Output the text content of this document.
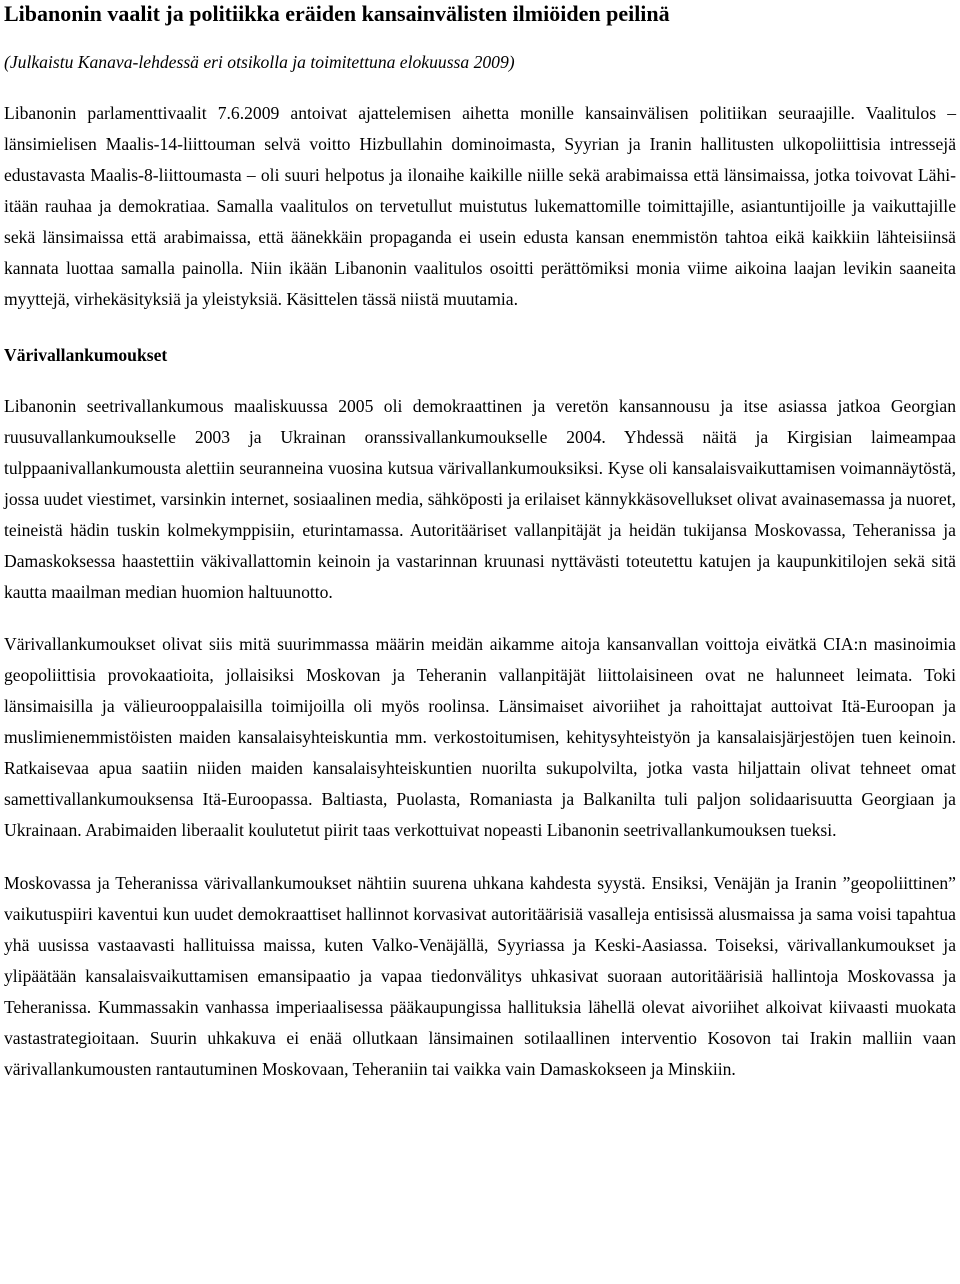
Libanonin vaalit ja politiikka eräiden kansainvälisten ilmiöiden peilinä

(Julkaistu Kanava-lehdessä eri otsikolla ja toimitettuna elokuussa 2009)

Libanonin parlamenttivaalit 7.6.2009 antoivat ajattelemisen aihetta monille kansainvälisen politiikan seuraajille. Vaalitulos – länsimielisen Maalis-14-liittouman selvä voitto Hizbullahin dominoimasta, Syyrian ja Iranin hallitusten ulkopoliittisia intressejä edustavasta Maalis-8-liittoumasta – oli suuri helpotus ja ilonaihe kaikille niille sekä arabimaissa että länsimaissa, jotka toivovat Lähi-itään rauhaa ja demokratiaa. Samalla vaalitulos on tervetullut muistutus lukemattomille toimittajille, asiantuntijoille ja vaikuttajille sekä länsimaissa että arabimaissa, että äänekkäin propaganda ei usein edusta kansan enemmistön tahtoa eikä kaikkiin lähteisiinsä kannata luottaa samalla painolla. Niin ikään Libanonin vaalitulos osoitti perättömiksi monia viime aikoina laajan levikin saaneita myyttejä, virhekäsityksiä ja yleistyksiä. Käsittelen tässä niistä muutamia.

Värivallankumoukset

Libanonin seetrivallankumous maaliskuussa 2005 oli demokraattinen ja veretön kansannousu ja itse asiassa jatkoa Georgian ruusuvallankumoukselle 2003 ja Ukrainan oranssivallankumoukselle 2004. Yhdessä näitä ja Kirgisian laimeampaa tulppaanivallankumousta alettiin seuranneina vuosina kutsua värivallankumouksiksi. Kyse oli kansalaisvaikuttamisen voimannäytöstä, jossa uudet viestimet, varsinkin internet, sosiaalinen media, sähköposti ja erilaiset kännykkäsovellukset olivat avainasemassa ja nuoret, teineistä hädin tuskin kolmekymppisiin, eturintamassa. Autoritääriset vallanpitäjät ja heidän tukijansa Moskovassa, Teheranissa ja Damaskoksessa haastettiin väkivallattomin keinoin ja vastarinnan kruunasi nyttävästi toteutettu katujen ja kaupunkitilojen sekä sitä kautta maailman median huomion haltuunotto.

Värivallankumoukset olivat siis mitä suurimmassa määrin meidän aikamme aitoja kansanvallan voittoja eivätkä CIA:n masinoimia geopoliittisia provokaatioita, jollaisiksi Moskovan ja Teheranin vallanpitäjät liittolaisineen ovat ne halunneet leimata. Toki länsimaisilla ja välieurooppalaisilla toimijoilla oli myös roolinsa. Länsimaiset aivoriihet ja rahoittajat auttoivat Itä-Euroopan ja muslimienemmistöisten maiden kansalaisyhteiskuntia mm. verkostoitumisen, kehitysyhteistyön ja kansalaisjärjestöjen tuen keinoin. Ratkaisevaa apua saatiin niiden maiden kansalaisyhteiskuntien nuorilta sukupolvilta, jotka vasta hiljattain olivat tehneet omat samettivallankumouksensa Itä-Euroopassa. Baltiasta, Puolasta, Romaniasta ja Balkanilta tuli paljon solidaarisuutta Georgiaan ja Ukrainaan. Arabimaiden liberaalit koulutetut piirit taas verkottuivat nopeasti Libanonin seetrivallankumouksen tueksi.

Moskovassa ja Teheranissa värivallankumoukset nähtiin suurena uhkana kahdesta syystä. Ensiksi, Venäjän ja Iranin ”geopoliittinen” vaikutuspiiri kaventui kun uudet demokraattiset hallinnot korvasivat autoritäärisiä vasalleja entisissä alusmaissa ja sama voisi tapahtua yhä uusissa vastaavasti hallituissa maissa, kuten Valko-Venäjällä, Syyriassa ja Keski-Aasiassa. Toiseksi, värivallankumoukset ja ylipäätään kansalaisvaikuttamisen emansipaatio ja vapaa tiedonvälitys uhkasivat suoraan autoritäärisiä hallintoja Moskovassa ja Teheranissa. Kummassakin vanhassa imperiaalisessa pääkaupungissa hallituksia lähellä olevat aivoriihet alkoivat kiivaasti muokata vastastrategioitaan. Suurin uhkakuva ei enää ollutkaan länsimainen sotilaallinen interventio Kosovon tai Irakin malliin vaan värivallankumousten rantautuminen Moskovaan, Teheraniin tai vaikka vain Damaskokseen ja Minskiin.
